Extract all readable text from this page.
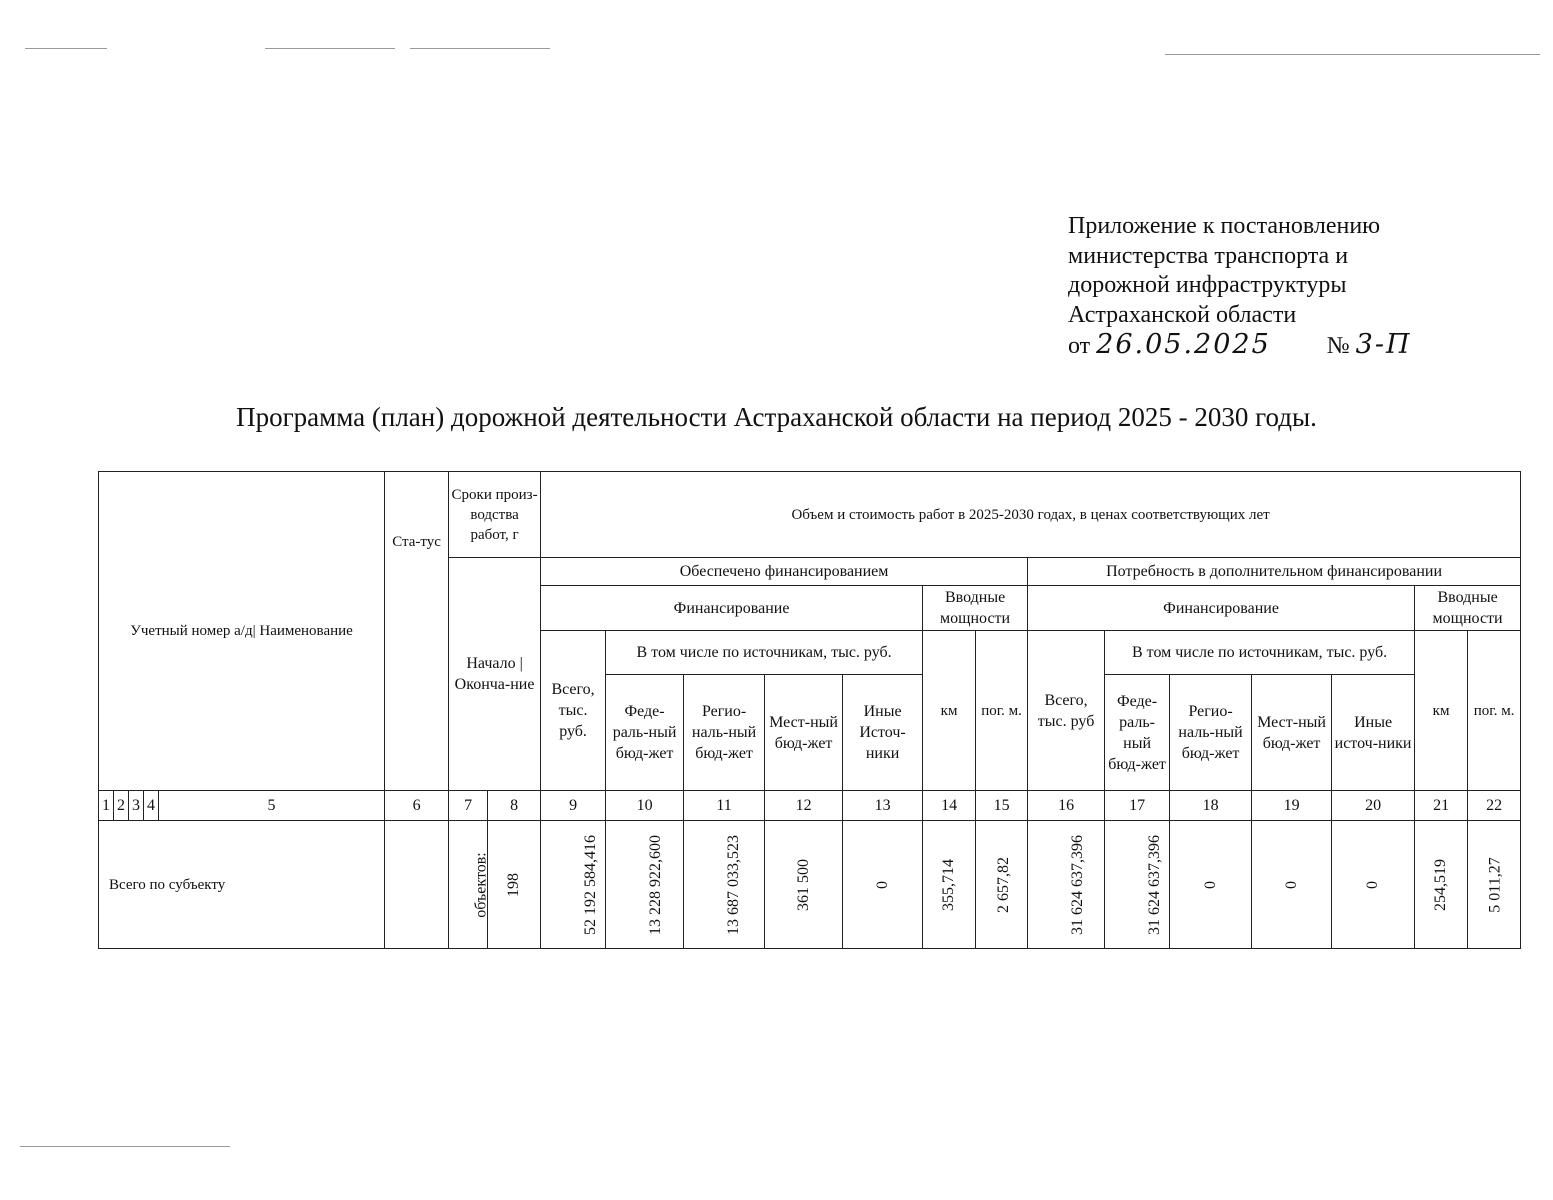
Приложение к постановлению
министерства транспорта и
дорожной инфраструктуры
Астраханской области
от 26.05.2025 № 3-П
Программа (план) дорожной деятельности Астраханской области на период 2025 - 2030 годы.
Учетный номер а/д| Наименование					Ста-тус	Сроки произ-водства работ, г		Объем и стоимость работ в 2025-2030 годах, в ценах соответствующих лет													
						Начало | Оконча-ние		Обеспечено финансированием							Потребность в дополнительном финансировании						
								Финансирование					Вводные мощности		Финансирование					Вводные мощности	
								Всего, тыс. руб.	В том числе по источникам, тыс. руб.				км	пог. м.	Всего, тыс. руб	В том числе по источникам, тыс. руб.				км	пог. м.
									Феде-раль-ный бюд-жет	Регио-наль-ный бюд-жет	Мест-ный бюд-жет	Иные Источ-ники				Феде-раль-ный бюд-жет	Регио-наль-ный бюд-жет	Мест-ный бюд-жет	Иные источ-ники		
1	2	3	4	5	6	7	8	9	10	11	12	13	14	15	16	17	18	19	20	21	22
Всего по субъекту						объектов:	198	52 192 584,416	13 228 922,600	13 687 033,523	361 500	0	355,714	2 657,82	31 624 637,396	31 624 637,396	0	0	0	254,519	5 011,27
